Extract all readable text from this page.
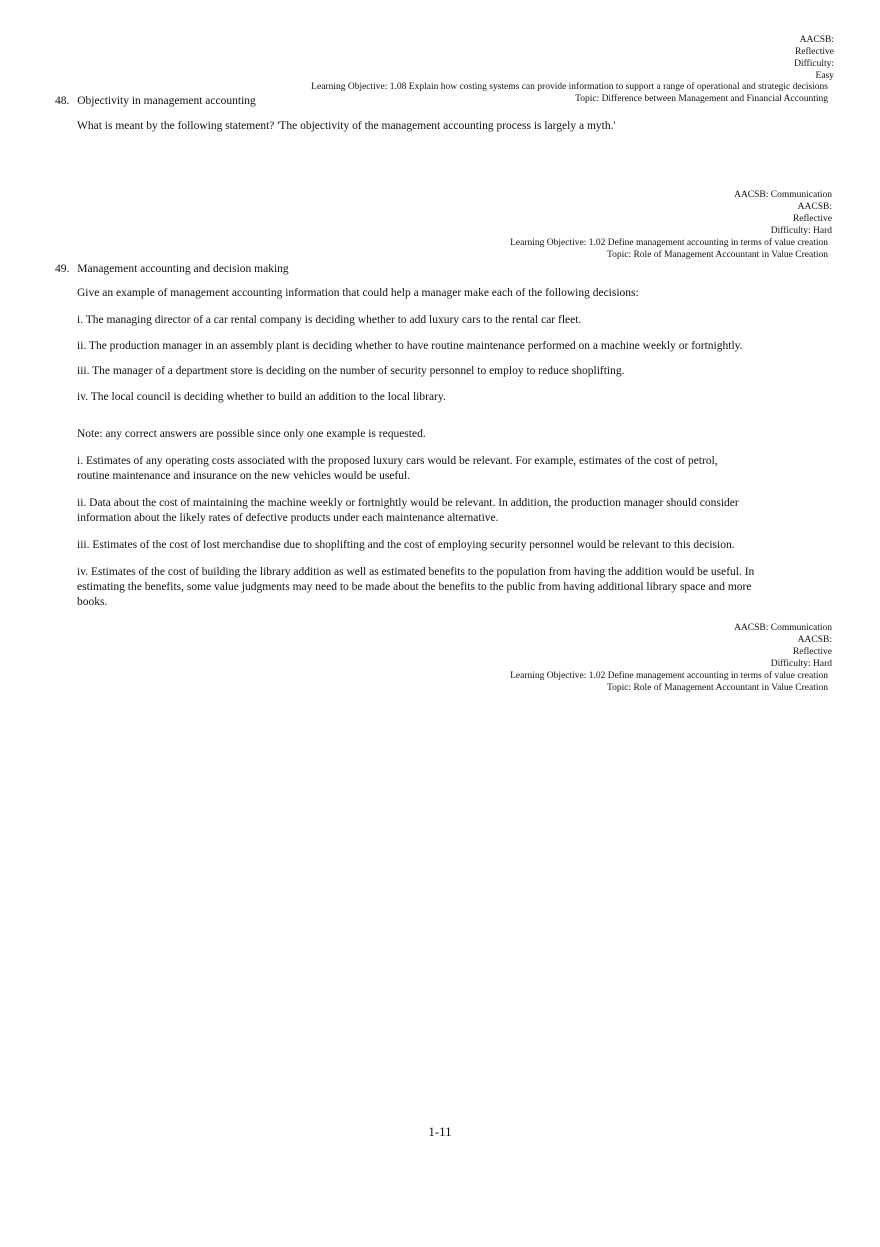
AACSB:
Reflective
Difficulty:
Easy
Learning Objective: 1.08 Explain how costing systems can provide information to support a range of operational and strategic decisions
Topic: Difference between Management and Financial Accounting
48. Objectivity in management accounting
What is meant by the following statement? 'The objectivity of the management accounting process is largely a myth.'
AACSB: Communication
AACSB:
Reflective
Difficulty: Hard
Learning Objective: 1.02 Define management accounting in terms of value creation
Topic: Role of Management Accountant in Value Creation
49. Management accounting and decision making
Give an example of management accounting information that could help a manager make each of the following decisions:
i. The managing director of a car rental company is deciding whether to add luxury cars to the rental car fleet.
ii. The production manager in an assembly plant is deciding whether to have routine maintenance performed on a machine weekly or fortnightly.
iii. The manager of a department store is deciding on the number of security personnel to employ to reduce shoplifting.
iv. The local council is deciding whether to build an addition to the local library.
Note: any correct answers are possible since only one example is requested.
i. Estimates of any operating costs associated with the proposed luxury cars would be relevant. For example, estimates of the cost of petrol, routine maintenance and insurance on the new vehicles would be useful.
ii. Data about the cost of maintaining the machine weekly or fortnightly would be relevant. In addition, the production manager should consider information about the likely rates of defective products under each maintenance alternative.
iii. Estimates of the cost of lost merchandise due to shoplifting and the cost of employing security personnel would be relevant to this decision.
iv. Estimates of the cost of building the library addition as well as estimated benefits to the population from having the addition would be useful. In estimating the benefits, some value judgments may need to be made about the benefits to the public from having additional library space and more books.
AACSB: Communication
AACSB:
Reflective
Difficulty: Hard
Learning Objective: 1.02 Define management accounting in terms of value creation
Topic: Role of Management Accountant in Value Creation
1-11
